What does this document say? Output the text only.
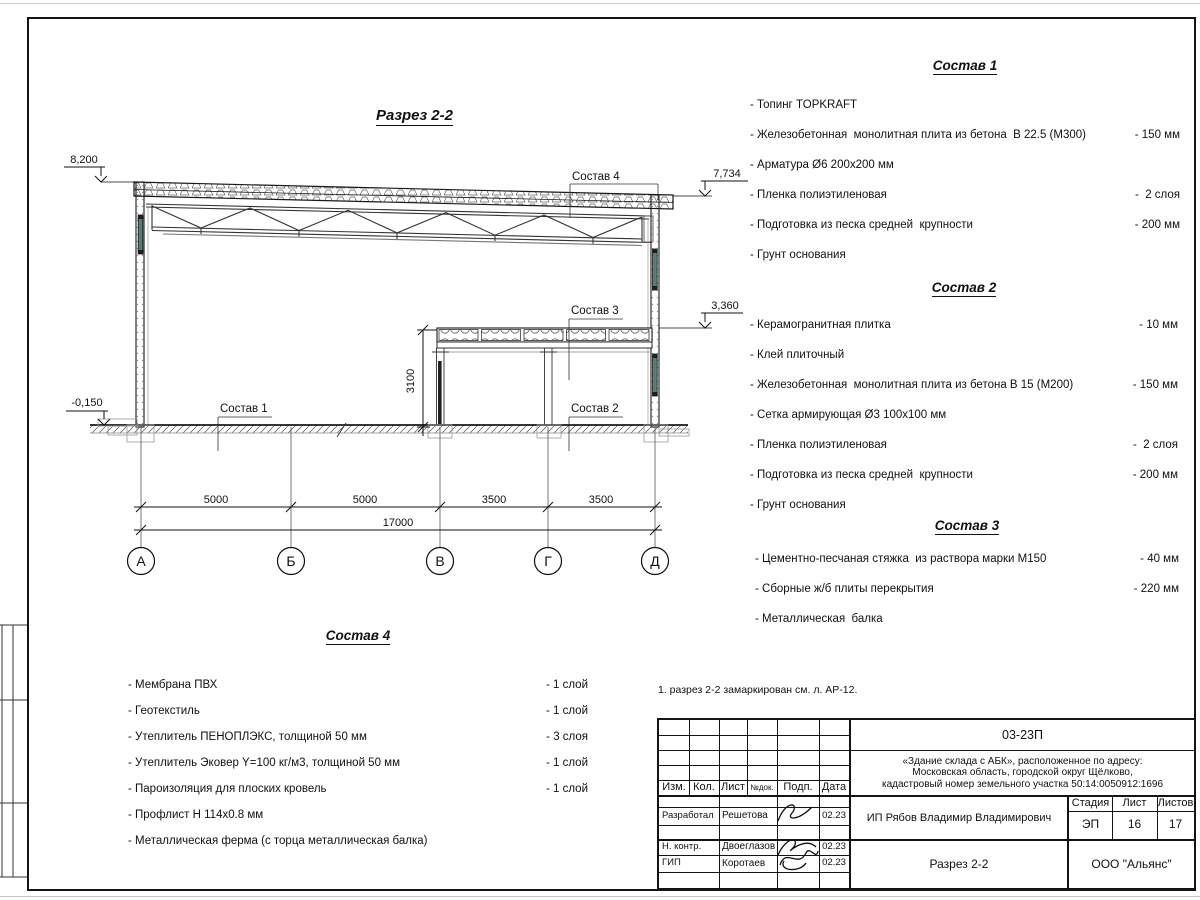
8,200
7,734
3,360
-0,150	Состав 1	Состав 2
Состав 3
Состав 4
5000	5000	3500	3500
17000
3100
А	Б	В	Г	Д
Разрез 2-2
Состав 1
- Топинг TOPKRAFT
- Железобетонная  монолитная плита из бетона  В 22.5 (М300)	- 150 мм
- Арматура Ø6 200х200 мм
- Пленка полиэтиленовая	-  2 слоя
- Подготовка из песка средней  крупности	- 200 мм
- Грунт основания
Состав 2
- Керамогранитная плитка	- 10 мм
- Клей плиточный
- Железобетонная  монолитная плита из бетона В 15 (М200)	- 150 мм
- Сетка армирующая Ø3 100х100 мм
- Пленка полиэтиленовая	-  2 слоя
- Подготовка из песка средней  крупности	- 200 мм
- Грунт основания
Состав 3
- Цементно-песчаная стяжка  из раствора марки М150	- 40 мм
- Сборные ж/б плиты перекрытия	- 220 мм
- Металлическая  балка
Состав 4
- Мембрана ПВХ	- 1 слой
- Геотекстиль	- 1 слой
- Утеплитель ПЕНОПЛЭКС, толщиной 50 мм	- 3 слоя
- Утеплитель Эковер Y=100 кг/м3, толщиной 50 мм	- 1 слой
- Пароизоляция для плоских кровель	- 1 слой
- Профлист Н 114х0.8 мм
- Металлическая ферма (с торца металлическая балка)
1. разрез 2-2 замаркирован см. л. АР-12.
Изм. Кол. Лист №док. Подп. Дата
Разработал Решетова	02.23
Н. контр.	Двоеглазов	02.23
ГИП	Коротаев	02.23
03-23П
«Здание склада с АБК», расположенное по адресу:
Московская область, городской округ Щёлково,
кадастровый номер земельного участка 50:14:0050912:1696
ИП Рябов Владимир Владимирович
Стадия	Лист	Листов
ЭП	16	17
Разрез 2-2	ООО "Альянс"
